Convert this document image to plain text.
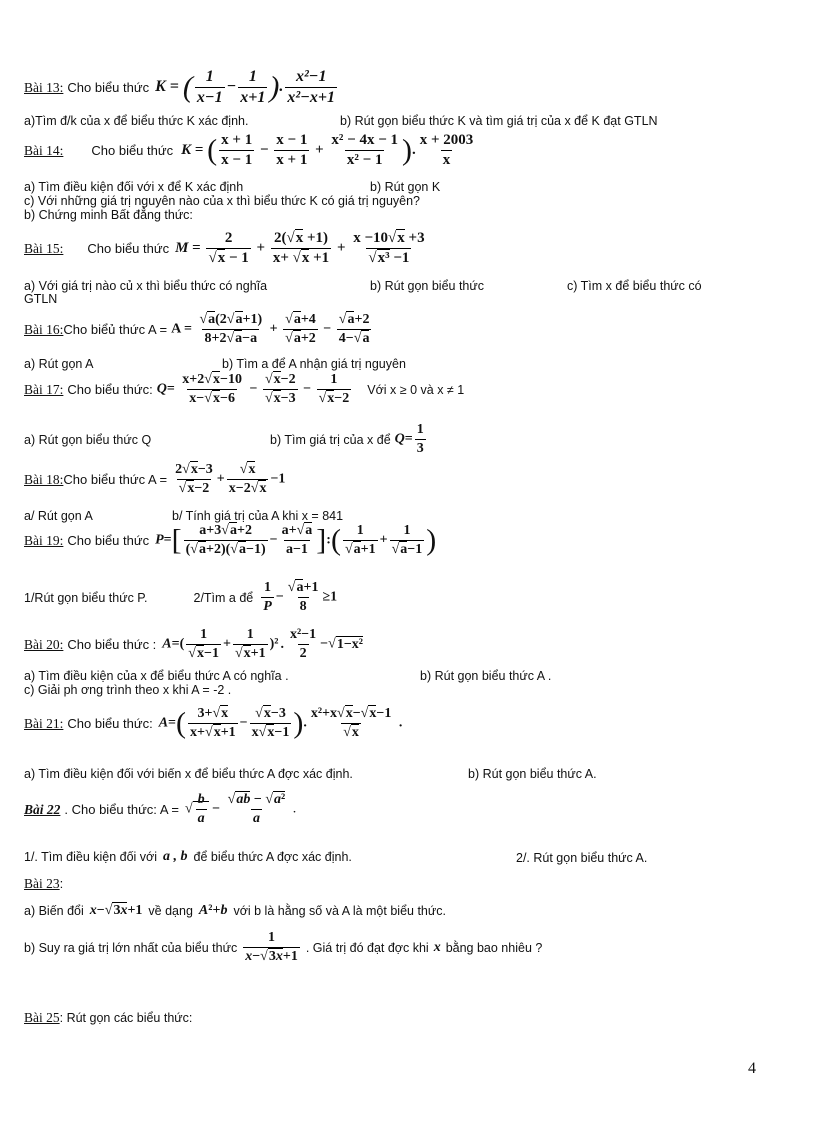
Bài 13: Cho biểu thức K = ( $\frac{1}{x-1} - \frac{1}{x+1}$ ). $\frac{\text{x²−1}}{\text{x²−x+1}}$
a)Tìm đ/k của x để biểu thức K xác định.	b) Rút gọn biểu thức K và tìm giá trị của x để K đạt GTLN
Bài 14: Cho biểu thức K = ( $\frac{x + 1}{x - 1} - \frac{x - 1}{x + 1} + \frac{\text{x² − 4x − 1}}{\text{x² − 1}}$ ). $\frac{x + 2003}{x}$
a) Tìm điều kiện đối với x để K xác định	b) Rút gọn K
c) Với những giá trị nguyên nào của x thì biểu thức K có giá trị nguyên?
b) Chứng minh Bất đẳng thức:
Bài 15: Cho biểu thức $M = \frac{2}{√x - 1} + \frac{2(√x +1)}{x+ √x +1} + \frac{x -10√x +3}{\text{√x³ −1}}$
a) Với giá trị nào củ x thì biểu thức có nghĩa	b) Rút gọn biểu thức	c) Tìm x để biểu thức có
GTLN
Bài 16: Cho biểủ thức $A = A = \frac{√a(2√a+1)}{8+2√a-a} + \frac{√a+4}{√a+2} - \frac{√a+2}{4-√a}$
a) Rút gọn A	b) Tìm a để A nhận giá trị nguyên
Bài 17: Cho biểu thức: $Q= \frac{x+2√x-10}{x-√x-6} - \frac{√x-2}{√x-3} - \frac{1}{√x-2}$ Với x ≥ 0 và x ≠ 1
a) Rút gọn biểu thức Q	b) Tìm giá trị của x để $Q= \frac{1}{3}$
Bài 18: Cho biểu thức $A = \frac{2√x-3}{√x-2} + \frac{√x}{x-2√x} -1$
a/ Rút gọn A	b/ Tính giá trị của A khi x = 841
Bài 19: Cho biểu thức $P=[ \frac{a+3√a+2}{(√a+2)(√a-1)} - \frac{a+√a}{a-1}$ ]:( $\frac{1}{√a+1} + \frac{1}{√a-1}$ )
1/Rút gọn biểu thức P.	2/Tìm a để $\frac{1}{P} - \frac{√a+1}{8} \ge 1$
Bài 20: Cho biểu thức : $A=( \frac{1}{√x-1} + \frac{1}{√x+1} )^2$ . $\frac{\text{x²−1}}{2} -√1-x^2$
a) Tìm điều kiện của x để biểu thức A có nghĩa .	b) Rút gọn biểu thức A .
c) Giải ph ơng trình theo x khi A = -2 .
Bài 21: Cho biểu thức: $A=( \frac{3+√x}{x+√x+1} - \frac{√x-3}{x√x-1}$ ). $\frac{\text{x²+x√x−√x−1}}{√x}$ .
a) Tìm điều kiện đối với biến x để biểu thức A đợc xác định.	b) Rút gọn biểu thức A.
Bài 22 . Cho biểu thức: A = √ $\frac{b}{a} - \frac{\text{√ab − √a²}}{a}$ .
1/. Tìm điều kiện đối với a , b để biểu thức A đợc xác định.	2/. Rút gọn biểu thức A.
Bài 23:
a) Biến đổi x−√3x+1 về dạng A²+b với b là hằng số và A là một biểu thức.
b) Suy ra giá trị lớn nhất của biểu thức $\frac{1}{x-√3x+1}$ . Giá trị đó đạt đợc khi x bằng bao nhiêu ?
Bài 25: Rút gọn các biểu thức:
4
